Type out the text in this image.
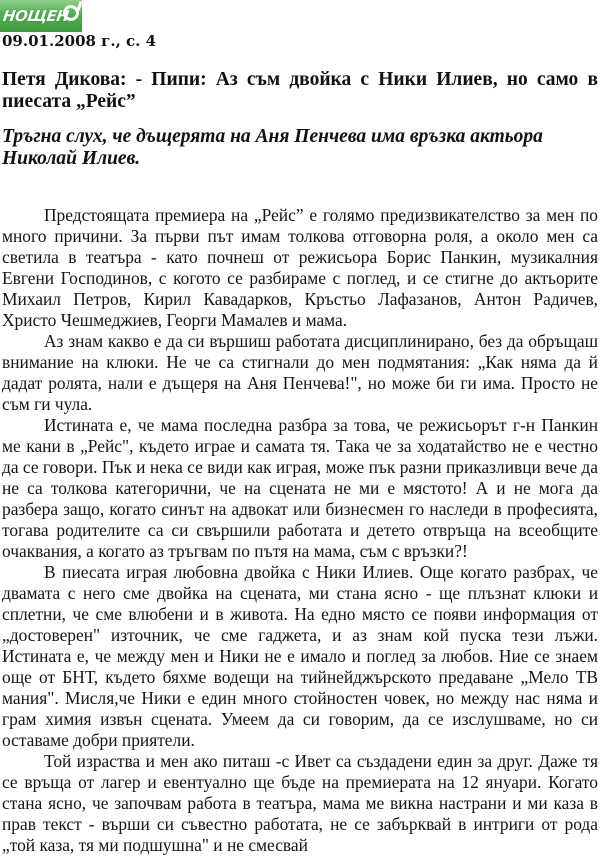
НОЩЕН
09.01.2008 г., с. 4
Петя Дикова: - Пипи: Аз съм двойка с Ники Илиев, но само в пиесата „Рейс”
Тръгна слух, че дъщерята на Аня Пенчева има връзка актьора Николай Илиев.

Предстоящата премиера на „Рейс” е голямо предизвикателство за мен по много причини. За първи път имам толкова отговорна роля, а около мен са светила в театъра - като почнеш от режисьора Борис Панкин, музикалния Евгени Господинов, с когото се разбираме с поглед, и се стигне до актьорите Михаил Петров, Кирил Кавадарков, Кръстьо Лафазанов, Антон Радичев, Христо Чешмеджиев, Георги Мамалев и мама.

Аз знам какво е да си вършиш работата дисциплинирано, без да обръщаш внимание на клюки. Не че са стигнали до мен подмятания: „Как няма да й дадат ролята, нали е дъщеря на Аня Пенчева!", но може би ги има. Просто не съм ги чула.

Истината е, че мама последна разбра за това, че режисьорът г-н Панкин ме кани в „Рейс", където играе и самата тя. Така че за ходатайство не е честно да се говори. Пък и нека се види как играя, може пък разни приказливци вече да не са толкова категорични, че на сцената не ми е мястото! А и не мога да разбера защо, когато синът на адвокат или бизнесмен го наследи в професията, тогава родителите са си свършили работата и детето отвръща на всеобщите очаквания, а когато аз тръгвам по пътя на мама, съм с връзки?!

В пиесата играя любовна двойка с Ники Илиев. Още когато разбрах, че двамата с него сме двойка на сцената, ми стана ясно - ще плъзнат клюки и сплетни, че сме влюбени и в живота. На едно място се появи информация от „достоверен" източник, че сме гаджета, и аз знам кой пуска тези лъжи. Истината е, че между мен и Ники не е имало и поглед за любов. Ние се знаем още от БНТ, където бяхме водещи на тийнейджърското предаване „Мело ТВ мания". Мисля,че Ники е един много стойностен човек, но между нас няма и грам химия извън сцената. Умеем да си говорим, да се изслушваме, но си оставаме добри приятели.

Той израства и мен ако питаш -с Ивет са създадени един за друг. Даже тя се връща от лагер и евентуално ще бъде на премиерата на 12 януари. Когато стана ясно, че започвам работа в театъра, мама ме викна настрани и ми каза в прав текст - върши си съвестно работата, не се забърквай в интриги от рода „той каза, тя ми подшушна" и не смесвай
